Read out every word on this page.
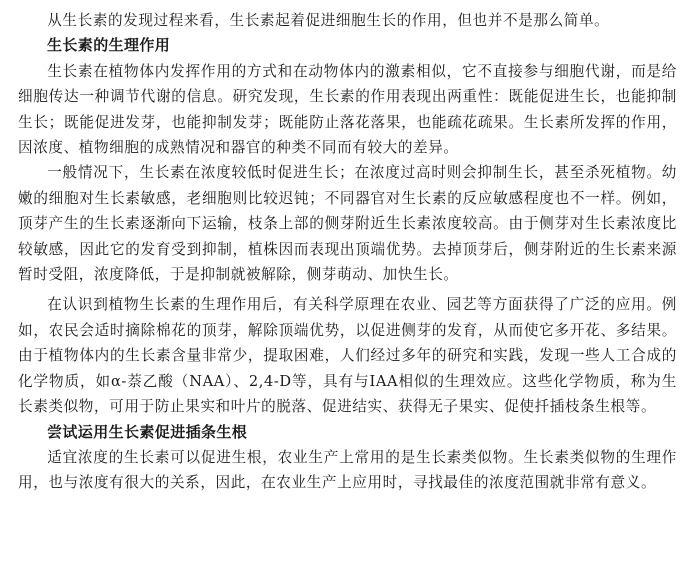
从生长素的发现过程来看，生长素起着促进细胞生长的作用，但也并不是那么简单。

生长素的生理作用

生长素在植物体内发挥作用的方式和在动物体内的激素相似，它不直接参与细胞代谢，而是给细胞传达一种调节代谢的信息。研究发现，生长素的作用表现出两重性：既能促进生长，也能抑制生长；既能促进发芽，也能抑制发芽；既能防止落花落果，也能疏花疏果。生长素所发挥的作用，因浓度、植物细胞的成熟情况和器官的种类不同而有较大的差异。

一般情况下，生长素在浓度较低时促进生长；在浓度过高时则会抑制生长，甚至杀死植物。幼嫩的细胞对生长素敏感，老细胞则比较迟钝；不同器官对生长素的反应敏感程度也不一样。例如，顶芽产生的生长素逐渐向下运输，枝条上部的侧芽附近生长素浓度较高。由于侧芽对生长素浓度比较敏感，因此它的发育受到抑制，植株因而表现出顶端优势。去掉顶芽后，侧芽附近的生长素来源暂时受阻，浓度降低，于是抑制就被解除，侧芽萌动、加快生长。

在认识到植物生长素的生理作用后，有关科学原理在农业、园艺等方面获得了广泛的应用。例如，农民会适时摘除棉花的顶芽，解除顶端优势，以促进侧芽的发育，从而使它多开花、多结果。由于植物体内的生长素含量非常少，提取困难，人们经过多年的研究和实践，发现一些人工合成的化学物质，如α-萘乙酸（NAA）、2,4-D等，具有与IAA相似的生理效应。这些化学物质，称为生长素类似物，可用于防止果实和叶片的脱落、促进结实、获得无子果实、促使扦插枝条生根等。

尝试运用生长素促进插条生根

适宜浓度的生长素可以促进生根，农业生产上常用的是生长素类似物。生长素类似物的生理作用，也与浓度有很大的关系，因此，在农业生产上应用时，寻找最佳的浓度范围就非常有意义。
